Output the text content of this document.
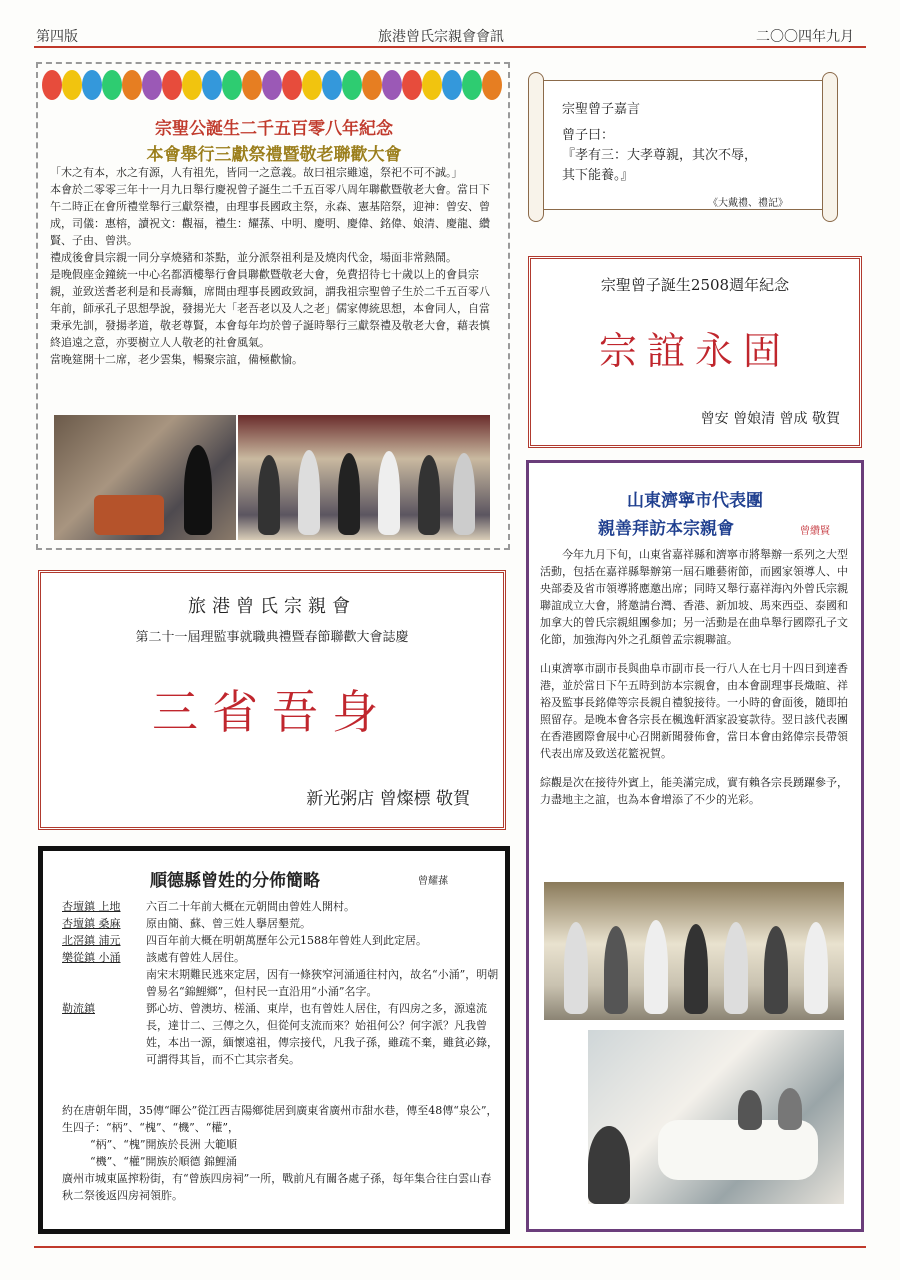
第四版	旅港曾氏宗親會會訊	二〇〇四年九月
宗聖公誕生二千五百零八年紀念
本會舉行三獻祭禮暨敬老聯歡大會

「木之有本，水之有源，人有祖先，皆同一之意義。故曰祖宗雖遠，祭祀不可不誠。」

本會於二零零三年十一月九日舉行慶祝曾子誕生二千五百零八周年聯歡暨敬老大會。當日下午二時正在會所禮堂舉行三獻祭禮，由理事長國政主祭，永森、憲基陪祭，迎神：曾安、曾成，司儀：惠榕，讀祝文：觀福，禮生：耀蓀、中明、慶明、慶偉、銘偉、娘清、慶龍、纘賢、子由、曾洪。

禮成後會員宗親一同分享燒豬和茶點，並分派祭祖利是及燒肉代金，場面非常熱鬧。

是晚假座金鐘統一中心名都酒樓舉行會員聯歡暨敬老大會，免費招待七十歲以上的會員宗親，並致送耆老利是和長壽麵，席間由理事長國政致詞，謂我祖宗聖曾子生於二千五百零八年前，師承孔子思想學說，發揚光大「老吾老以及人之老」儒家傳統思想，本會同人，自當秉承先訓，發揚孝道，敬老尊賢，本會每年均於曾子誕時舉行三獻祭禮及敬老大會，藉表慎終追遠之意，亦要樹立人人敬老的社會風氣。

當晚筵開十二席，老少雲集，暢聚宗誼，備極歡愉。

宗聖曾子嘉言
曾子曰：
『孝有三：大孝尊親，其次不辱，
其下能養。』
《大戴禮、禮記》
宗聖曾子誕生2508週年紀念
宗誼永固
曾安 曾娘清 曾成 敬賀
旅港曾氏宗親會
第二十一屆理監事就職典禮暨春節聯歡大會誌慶
三省吾身
新光粥店 曾燦標 敬賀
順德縣曾姓的分佈簡略	曾耀蓀
杏壇鎮 上地	六百二十年前大概在元朝間由曾姓人開村。
杏壇鎮 桑麻	原由簡、蘇、曾三姓人擧居墾荒。
北滘鎮 浦元	四百年前大概在明朝萬歷年公元1588年曾姓人到此定居。
樂從鎮 小涌	該處有曾姓人居住。
	南宋末期難民逃來定居，因有一條狹窄河涌通往村內，故名“小涌”，明朝曾易名“錦鯉鄉”，但村民一直沿用“小涌”名字。
勒流鎮	鄧心坊、曾澳坊、槎涌、東岸，也有曾姓人居住，有四房之多，源遠流長，達廿二、三傳之久，但從何支流而來？始祖何公？何字派？凡我曾姓，本出一源，緬懷遠祖，傳宗接代，凡我子孫，雖疏不棄，雖貧必錄，可謂得其旨，而不亡其宗者矣。

約在唐朝年間，35傳“暉公”從江西吉陽鄉徙居到廣東省廣州市甜水巷，傳至48傳“泉公”，生四子：“柄”、“槐”、“機”、“權”，

“柄”、“槐”開族於長洲 大範順

“機”、“權”開族於順德 錦鯉涌

廣州市城東區搾粉街，有“曾族四房祠”一所，戰前凡有關各處子孫，每年集合往白雲山春秋二祭後返四房祠領胙。

山東濟寧市代表團
親善拜訪本宗親會	曾纘賢

今年九月下旬，山東省嘉祥縣和濟寧市將舉辦一系列之大型活動，包括在嘉祥縣舉辦第一屆石雕藝術節，而國家領導人、中央部委及省市領導將應邀出席；同時又舉行嘉祥海內外曾氏宗親聯誼成立大會，將邀請台灣、香港、新加坡、馬來西亞、泰國和加拿大的曾氏宗親組團參加；另一活動是在曲阜舉行國際孔子文化節，加強海內外之孔顏曾孟宗親聯誼。

山東濟寧市副市長與曲阜市副市長一行八人在七月十四日到達香港，並於當日下午五時到訪本宗親會，由本會副理事長熾暄、祥裕及監事長銘偉等宗長親自禮貌接待。一小時的會面後，隨即拍照留存。是晚本會各宗長在楓逸軒酒家設宴款待。翌日該代表團在香港國際會展中心召開新聞發佈會，當日本會由銘偉宗長帶領代表出席及致送花籃祝賀。

綜觀是次在接待外賓上，能美滿完成，實有賴各宗長踴躍參予，力盡地主之誼，也為本會增添了不少的光彩。
